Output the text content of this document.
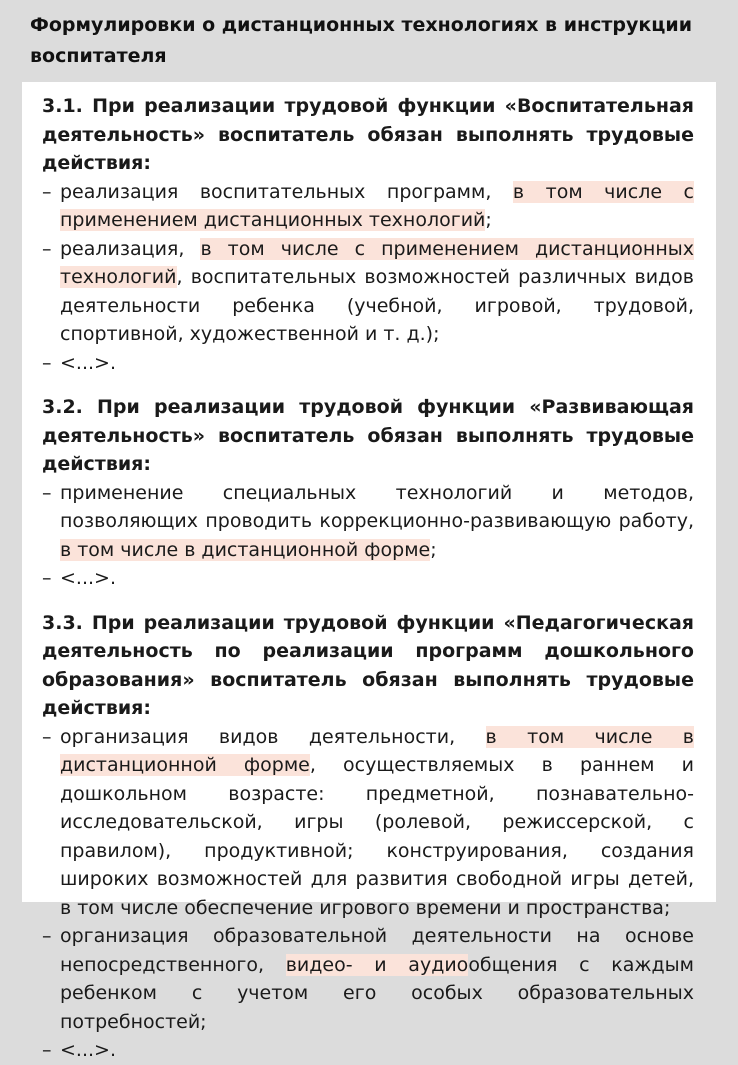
Формулировки о дистанционных технологиях в инструкции воспитателя

3.1. При реализации трудовой функции «Воспитательная деятельность» воспитатель обязан выполнять трудовые действия:

– реализация воспитательных программ, в том числе с применением дистанционных технологий;
– реализация, в том числе с применением дистанционных технологий, воспитательных возможностей различных видов деятельности ребенка (учебной, игровой, трудовой, спортивной, художественной и т. д.);
– <...>.

3.2. При реализации трудовой функции «Развивающая деятельность» воспитатель обязан выполнять трудовые действия:

– применение специальных технологий и методов, позволяющих проводить коррекционно-развивающую работу, в том числе в дистанционной форме;
– <...>.

3.3. При реализации трудовой функции «Педагогическая деятельность по реализации программ дошкольного образования» воспитатель обязан выполнять трудовые действия:

– организация видов деятельности, в том числе в дистанционной форме, осуществляемых в раннем и дошкольном возрасте: предметной, познавательно-исследовательской, игры (ролевой, режиссерской, с правилом), продуктивной; конструирования, создания широких возможностей для развития свободной игры детей, в том числе обеспечение игрового времени и пространства;
– организация образовательной деятельности на основе непосредственного, видео- и аудиообщения с каждым ребенком с учетом его особых образовательных потребностей;
– <...>.
